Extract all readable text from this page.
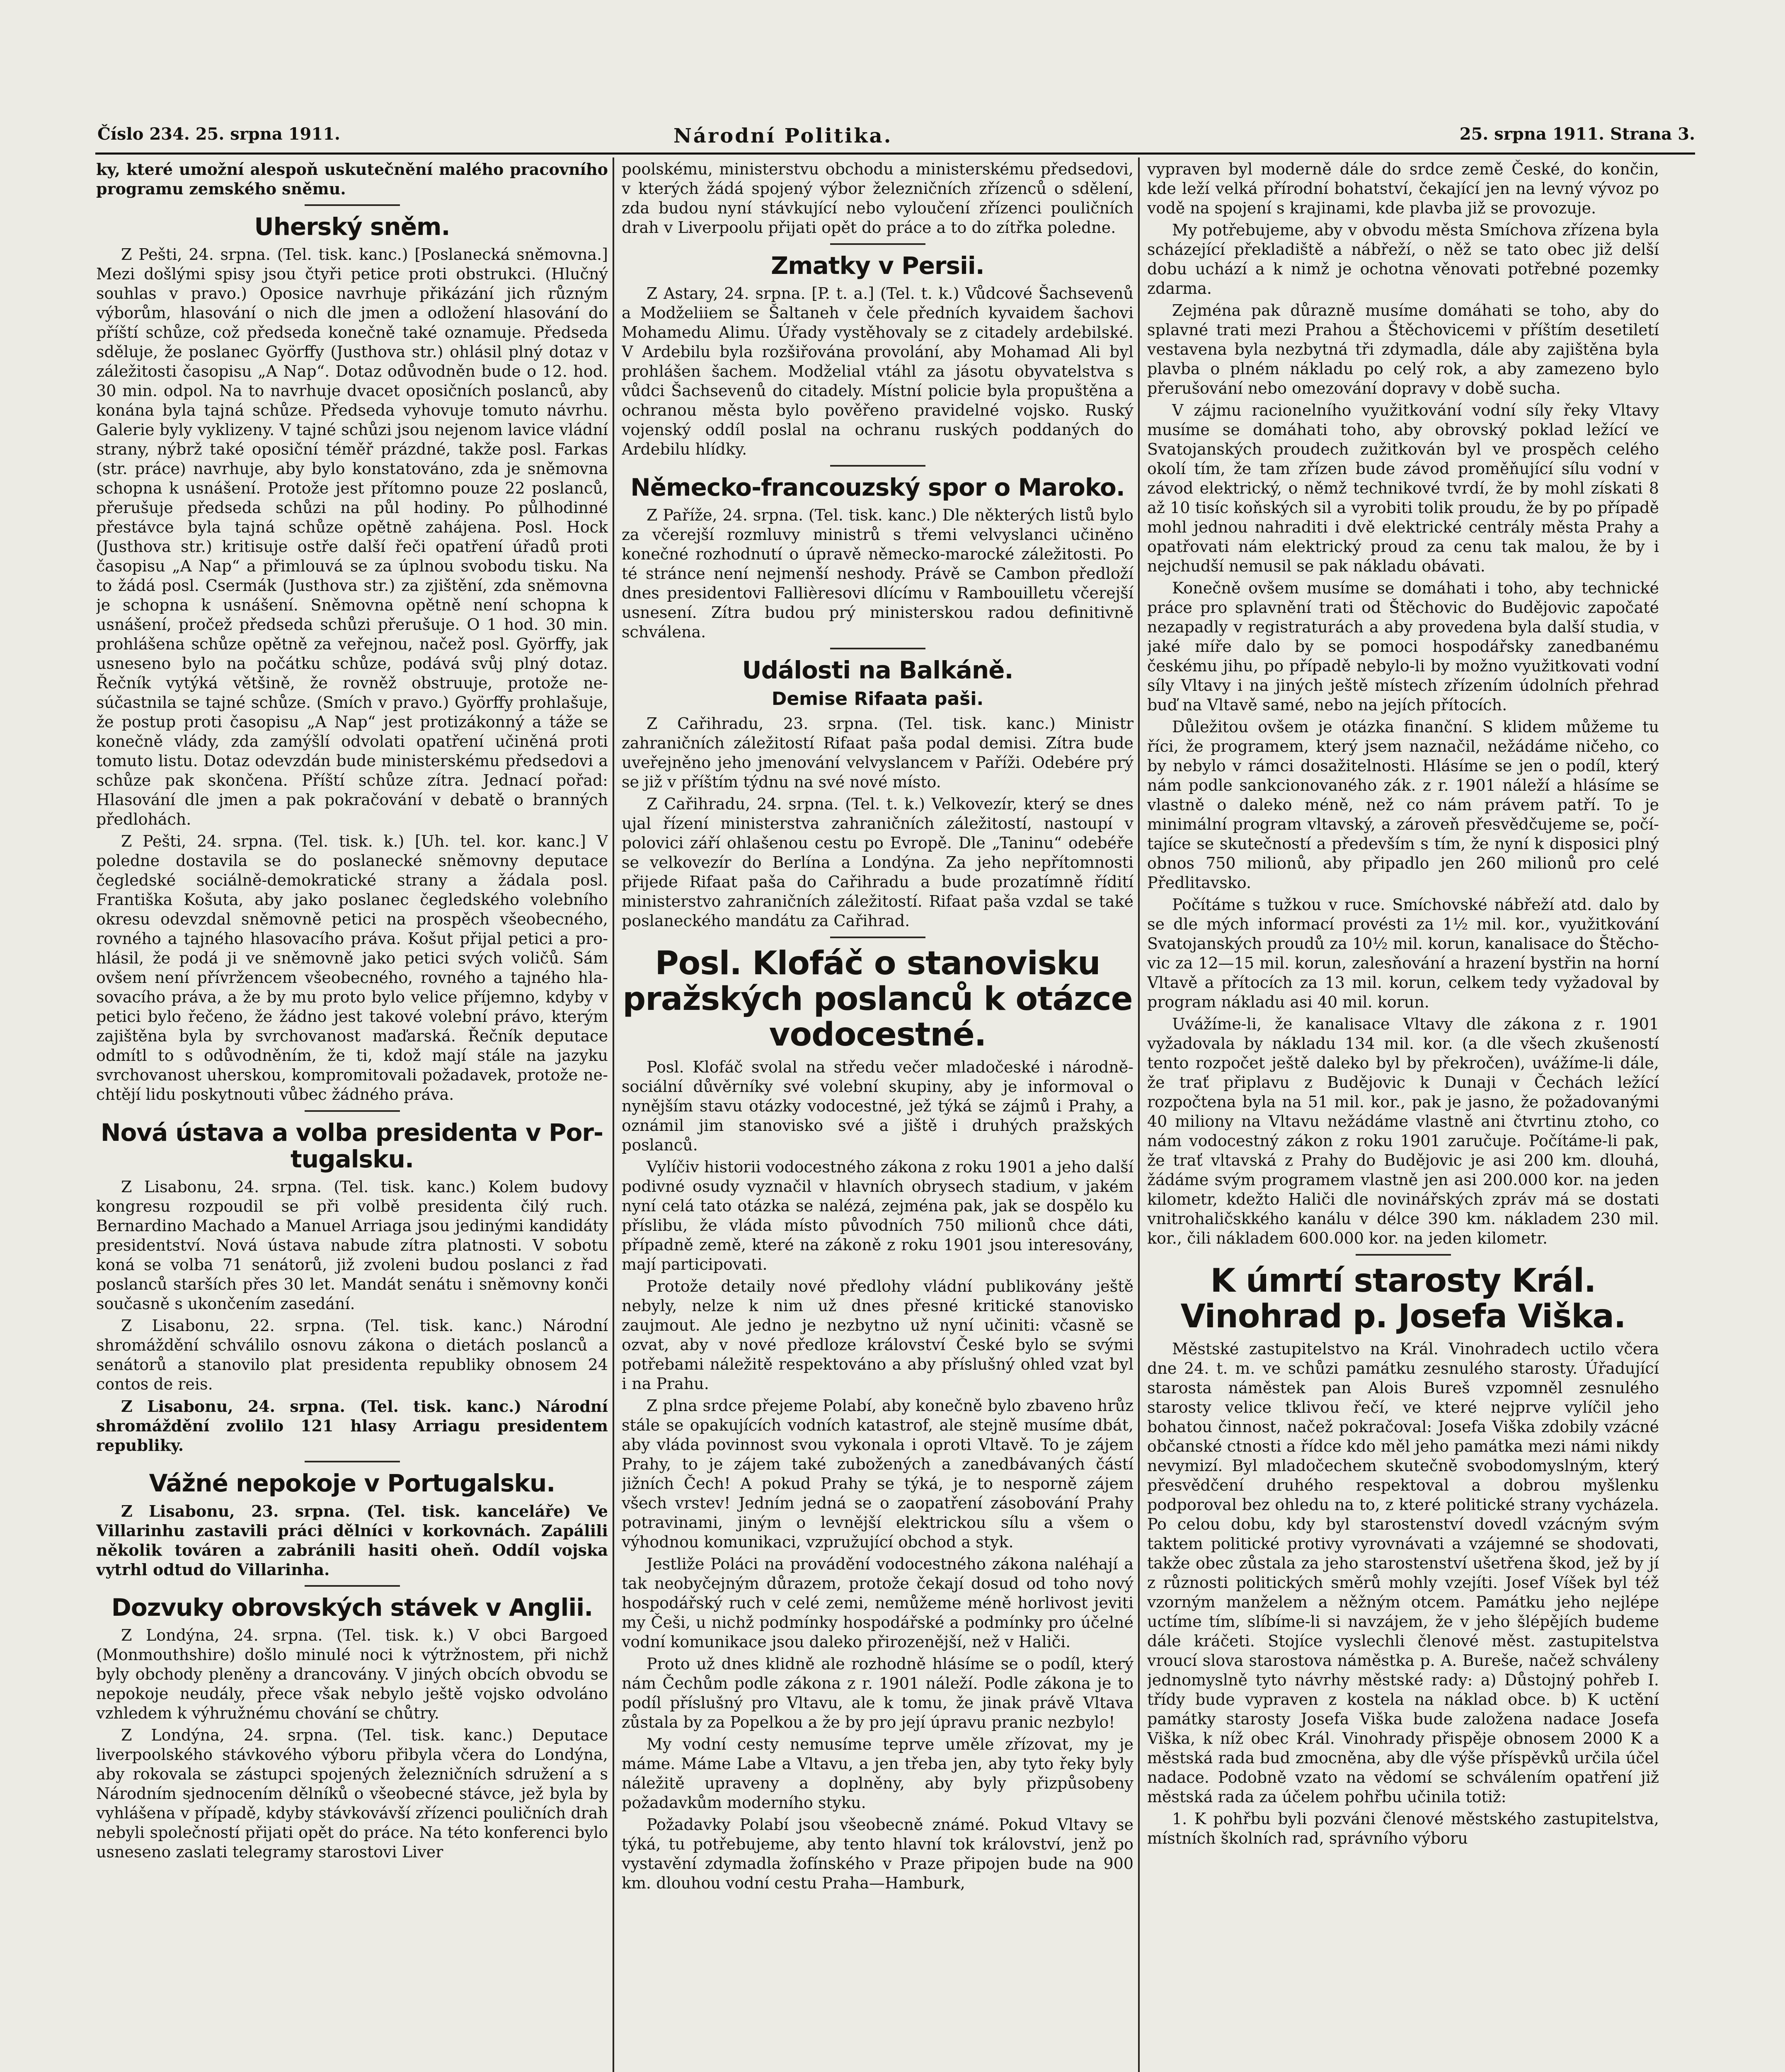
Číslo 234. 25. srpna 1911.	Národní Politika.	25. srpna 1911. Strana 3.

ky, které umožní alespoň uskutečnění malého pracovního programu zemského sněmu.

Uherský sněm.

Z Pešti, 24. srpna. (Tel. tisk. kanc.) [Poslanecká sněmovna.] Mezi došlými spisy jsou čtyři petice proti obstrukci. (Hlučný souhlas v pravo.) Oposice navrhuje přikázání jich různým výborům, hlasování o nich dle jmen a odložení hlasování do příští schůze, což předseda konečně také oznamuje. Předseda sděluje, že poslanec Györffy (Justhova str.) ohlásil plný dotaz v záležitosti časopisu „A Nap“. Dotaz odůvodněn bude o 12. hod. 30 min. odpol. Na to navrhuje dvacet oposičních poslanců, aby konána byla tajná schůze. Předseda vyhovuje tomuto návrhu. Galerie byly vyklizeny. V tajné schůzi jsou nejenom lavice vládní strany, nýbrž také oposiční téměř prázdné, takže posl. Farkas (str. práce) navrhuje, aby bylo konstatováno, zda je sněmovna schopna k usnášení. Protože jest přítomno pouze 22 poslanců, přerušuje předseda schůzi na půl hodiny. Po půlhodinné přestávce byla tajná schůze opětně zahájena. Posl. Hock (Justhova str.) kritisuje ostře další řeči opatření úřadů proti časopisu „A Nap“ a přimlouvá se za úplnou svobodu tisku. Na to žádá posl. Csermák (Justhova str.) za zjištění, zda sněmovna je schopna k usnášení. Sněmovna opětně není schopna k usnášení, pročež předseda schůzi přerušuje. O 1 hod. 30 min. prohlášena schůze opětně za veřejnou, načež posl. Györffy, jak usneseno bylo na počátku schůze, podává svůj plný dotaz. Řečník vytýká většině, že rovněž obstruuje, protože nesúčastnila se tajné schůze. (Smích v pravo.) Györffy prohlašuje, že postup proti časopisu „A Nap“ jest protizákonný a táže se konečně vlády, zda zamýšlí odvolati opatření učiněná proti tomuto listu. Dotaz odevzdán bude ministerskému předsedovi a schůze pak skončena. Příští schůze zítra. Jednací pořad: Hlasování dle jmen a pak pokračování v debatě o branných předlohách.

Z Pešti, 24. srpna. (Tel. tisk. k.) [Uh. tel. kor. kanc.] V poledne dostavila se do poslanecké sněmovny deputace čegledské sociálně-demokratické strany a žádala posl. Františka Košuta, aby jako poslanec čegledského volebního okresu odevzdal sněmovně petici na prospěch všeobecného, rovného a tajného hlasovacího práva. Košut přijal petici a prohlásil, že podá ji ve sněmovně jako petici svých voličů. Sám ovšem není přívržencem všeobecného, rovného a tajného hlasovacího práva, a že by mu proto bylo velice příjemno, kdyby v petici bylo řečeno, že žádno jest takové volební právo, kterým zajištěna byla by svrchovanost maďarská. Řečník deputace odmítl to s odůvodněním, že ti, kdož mají stále na jazyku svrchovanost uherskou, kompromitovali požadavek, protože nechtějí lidu poskytnouti vůbec žádného práva.

Nová ústava a volba presidenta v Portugalsku.

Z Lisabonu, 24. srpna. (Tel. tisk. kanc.) Kolem budovy kongresu rozpoudil se při volbě presidenta čilý ruch. Bernardino Machado a Manuel Arriaga jsou jedinými kandidáty presidentství. Nová ústava nabude zítra platnosti. V sobotu koná se volba 71 senátorů, již zvoleni budou poslanci z řad poslanců starších přes 30 let. Mandát senátu i sněmovny konči současně s ukončením zasedání.

Z Lisabonu, 22. srpna. (Tel. tisk. kanc.) Národní shromáždění schválilo osnovu zákona o dietách poslanců a senátorů a stanovilo plat presidenta republiky obnosem 24 contos de reis.

Z Lisabonu, 24. srpna. (Tel. tisk. kanc.) Národní shromáždění zvolilo 121 hlasy Arriagu presidentem republiky.

Vážné nepokoje v Portugalsku.

Z Lisabonu, 23. srpna. (Tel. tisk. kanceláře) Ve Villarinhu zastavili práci dělníci v korkovnách. Zapálili několik továren a zabránili hasiti oheň. Oddíl vojska vytrhl odtud do Villarinha.

Dozvuky obrovských stávek v Anglii.

Z Londýna, 24. srpna. (Tel. tisk. k.) V obci Bargoed (Monmouthshire) došlo minulé noci k výtržnostem, při nichž byly obchody pleněny a drancovány. V jiných obcích obvodu se nepokoje neudály, přece však nebylo ještě vojsko odvoláno vzhledem k výhružnému chování se chůtry.

Z Londýna, 24. srpna. (Tel. tisk. kanc.) Deputace liverpoolského stávkového výboru přibyla včera do Londýna, aby rokovala se zástupci spojených železničních sdružení a s Národním sjednocením dělníků o všeobecné stávce, jež byla by vyhlášena v případě, kdyby stávkovávší zřízenci pouličních drah nebyli společností přijati opět do práce. Na této konferenci bylo usneseno zaslati telegramy starostovi Liver

poolskému, ministerstvu obchodu a ministerskému předsedovi, v kterých žádá spojený výbor železničních zřízenců o sdělení, zda budou nyní stávkující nebo vyloučení zřízenci pouličních drah v Liverpoolu přijati opět do práce a to do zítřka poledne.

Zmatky v Persii.

Z Astary, 24. srpna. [P. t. a.] (Tel. t. k.) Vůdcové Šachsevenů a Modželiiem se Šaltaneh v čele předních kyvaidem šachovi Mohamedu Alimu. Úřady vystěhovaly se z citadely ardebilské. V Ardebilu byla rozšiřována provolání, aby Mohamad Ali byl prohlášen šachem. Modželial vtáhl za jásotu obyvatelstva s vůdci Šachsevenů do citadely. Místní policie byla propuštěna a ochranou města bylo pověřeno pravidelné vojsko. Ruský vojenský oddíl poslal na ochranu ruských poddaných do Ardebilu hlídky.

Německo-francouzský spor o Maroko.

Z Paříže, 24. srpna. (Tel. tisk. kanc.) Dle některých listů bylo za včerejší rozmluvy ministrů s třemi velvyslanci učiněno konečné rozhodnutí o úpravě německo-marocké záležitosti. Po té stránce není nejmenší neshody. Právě se Cambon předloží dnes presidentovi Fallièresovi dlícímu v Rambouilletu včerejší usnesení. Zítra budou prý ministerskou radou definitivně schválena.

Události na Balkáně.
Demise Rifaata paši.

Z Cařihradu, 23. srpna. (Tel. tisk. kanc.) Ministr zahraničních záležitostí Rifaat paša podal demisi. Zítra bude uveřejněno jeho jmenování velvyslancem v Paříži. Odebére prý se již v příštím týdnu na své nové místo.

Z Cařihradu, 24. srpna. (Tel. t. k.) Velkovezír, který se dnes ujal řízení ministerstva zahraničních záležitostí, nastoupí v polovici září ohlašenou cestu po Evropě. Dle „Taninu“ odebéře se velkovezír do Berlína a Londýna. Za jeho nepřítomnosti přijede Rifaat paša do Cařihradu a bude prozatímně řídití ministerstvo zahraničních záležitostí. Rifaat paša vzdal se také poslaneckého mandátu za Cařihrad.

Posl. Klofáč o stanovisku pražských poslanců k otázce vodocestné.

Posl. Klofáč svolal na středu večer mladočeské i národně-sociální důvěrníky své volební skupiny, aby je informoval o nynějším stavu otázky vodocestné, jež týká se zájmů i Prahy, a oznámil jim stanovisko své a jiště i druhých pražských poslanců.

Vylíčiv historii vodocestného zákona z roku 1901 a jeho další podivné osudy vyznačil v hlavních obrysech stadium, v jakém nyní celá tato otázka se nalézá, zejména pak, jak se dospělo ku příslibu, že vláda místo původních 750 milionů chce dáti, případně země, které na zákoně z roku 1901 jsou interesovány, mají participovati.

Protože detaily nové předlohy vládní publikovány ještě nebyly, nelze k nim už dnes přesné kritické stanovisko zaujmout. Ale jedno je nezbytno už nyní učiniti: včasně se ozvat, aby v nové předloze království České bylo se svými potřebami náležitě respektováno a aby příslušný ohled vzat byl i na Prahu.

Z plna srdce přejeme Polabí, aby konečně bylo zbaveno hrůz stále se opakujících vodních katastrof, ale stejně musíme dbát, aby vláda povinnost svou vykonala i oproti Vltavě. To je zájem Prahy, to je zájem také zubožených a zanedbávaných částí jižních Čech! A pokud Prahy se týká, je to nesporně zájem všech vrstev! Jedním jedná se o zaopatření zásobování Prahy potravinami, jiným o levnější elektrickou sílu a všem o výhodnou komunikaci, vzpružující obchod a styk.

Jestliže Poláci na provádění vodocestného zákona naléhají a tak neobyčejným důrazem, protože čekají dosud od toho nový hospodářský ruch v celé zemi, nemůžeme méně horlivost jeviti my Češi, u nichž podmínky hospodářské a podmínky pro účelné vodní komunikace jsou daleko přirozenější, než v Haliči.

Proto už dnes klidně ale rozhodně hlásíme se o podíl, který nám Čechům podle zákona z r. 1901 náleží. Podle zákona je to podíl příslušný pro Vltavu, ale k tomu, že jinak právě Vltava zůstala by za Popelkou a že by pro její úpravu pranic nezbylo!

My vodní cesty nemusíme teprve uměle zřízovat, my je máme. Máme Labe a Vltavu, a jen třeba jen, aby tyto řeky byly náležitě upraveny a doplněny, aby byly přizpůsobeny požadavkům moderního styku.

Požadavky Polabí jsou všeobecně známé. Pokud Vltavy se týká, tu potřebujeme, aby tento hlavní tok království, jenž po vystavění zdymadla žofínského v Praze připojen bude na 900 km. dlouhou vodní cestu Praha—Hamburk,

vypraven byl moderně dále do srdce země České, do končin, kde leží velká přírodní bohatství, čekající jen na levný vývoz po vodě na spojení s krajinami, kde plavba již se provozuje.

My potřebujeme, aby v obvodu města Smíchova zřízena byla scházející překladiště a nábřeží, o něž se tato obec již delší dobu uchází a k nimž je ochotna věnovati potřebné pozemky zdarma.

Zejména pak důrazně musíme domáhati se toho, aby do splavné trati mezi Prahou a Štěchovicemi v příštím desetiletí vestavena byla nezbytná tři zdymadla, dále aby zajištěna byla plavba o plném nákladu po celý rok, a aby zamezeno bylo přerušování nebo omezování dopravy v době sucha.

V zájmu racionelního využitkování vodní síly řeky Vltavy musíme se domáhati toho, aby obrovský poklad ležící ve Svatojanských proudech zužitkován byl ve prospěch celého okolí tím, že tam zřízen bude závod proměňující sílu vodní v závod elektrický, o němž technikové tvrdí, že by mohl získati 8 až 10 tisíc koňských sil a vyrobiti tolik proudu, že by po případě mohl jednou nahraditi i dvě elektrické centrály města Prahy a opatřovati nám elektrický proud za cenu tak malou, že by i nejchudší nemusil se pak nákladu obávati.

Konečně ovšem musíme se domáhati i toho, aby technické práce pro splavnění trati od Štěchovic do Budějovic započaté nezapadly v registraturách a aby provedena byla další studia, v jaké míře dalo by se pomoci hospodářsky zanedbanému českému jihu, po případě nebylo-li by možno využitkovati vodní síly Vltavy i na jiných ještě místech zřízením údolních přehrad buď na Vltavě samé, nebo na jejích přítocích.

Důležitou ovšem je otázka finanční. S klidem můžeme tu říci, že programem, který jsem naznačil, nežádáme ničeho, co by nebylo v rámci dosažitelnosti. Hlásíme se jen o podíl, který nám podle sankcionovaného zák. z r. 1901 náleží a hlásíme se vlastně o daleko méně, než co nám právem patří. To je minimální program vltavský, a zároveň přesvědčujeme se, počítajíce se skutečností a především s tím, že nyní k disposici plný obnos 750 milionů, aby připadlo jen 260 milionů pro celé Předlitavsko.

Počítáme s tužkou v ruce. Smíchovské nábřeží atd. dalo by se dle mých informací provésti za 1½ mil. kor., využitkování Svatojanských proudů za 10½ mil. korun, kanalisace do Štěchovic za 12—15 mil. korun, zalesňování a hrazení bystřin na horní Vltavě a přítocích za 13 mil. korun, celkem tedy vyžadoval by program nákladu asi 40 mil. korun.

Uvážíme-li, že kanalisace Vltavy dle zákona z r. 1901 vyžadovala by nákladu 134 mil. kor. (a dle všech zkušeností tento rozpočet ještě daleko byl by překročen), uvážíme-li dále, že trať připlavu z Budějovic k Dunaji v Čechách ležící rozpočtena byla na 51 mil. kor., pak je jasno, že požadovanými 40 miliony na Vltavu nežádáme vlastně ani čtvrtinu ztoho, co nám vodocestný zákon z roku 1901 zaručuje. Počítáme-li pak, že trať vltavská z Prahy do Budějovic je asi 200 km. dlouhá, žádáme svým programem vlastně jen asi 200.000 kor. na jeden kilometr, kdežto Haliči dle novinářských zpráv má se dostati vnitrohaličskkého kanálu v délce 390 km. nákladem 230 mil. kor., čili nákladem 600.000 kor. na jeden kilometr.

K úmrtí starosty Král. Vinohrad p. Josefa Viška.

Městské zastupitelstvo na Král. Vinohradech uctilo včera dne 24. t. m. ve schůzi památku zesnulého starosty. Úřadující starosta náměstek pan Alois Bureš vzpomněl zesnulého starosty velice tklivou řečí, ve které nejprve vylíčil jeho bohatou činnost, načež pokračoval: Josefa Viška zdobily vzácné občanské ctnosti a řídce kdo měl jeho památka mezi námi nikdy nevymizí. Byl mladočechem skutečně svobodomyslným, který přesvědčení druhého respektoval a dobrou myšlenku podporoval bez ohledu na to, z které politické strany vycházela. Po celou dobu, kdy byl starostenství dovedl vzácným svým taktem politické protivy vyrovnávati a vzájemné se shodovati, takže obec zůstala za jeho starostenství ušetřena škod, jež by jí z různosti politických směrů mohly vzejíti. Josef Víšek byl též vzorným manželem a něžným otcem. Památku jeho nejlépe uctíme tím, slíbíme-li si navzájem, že v jeho šlépějích budeme dále kráčeti. Stojíce vyslechli členové měst. zastupitelstva vroucí slova starostova náměstka p. A. Bureše, načež schváleny jednomyslně tyto návrhy městské rady: a) Důstojný pohřeb I. třídy bude vypraven z kostela na náklad obce. b) K uctění památky starosty Josefa Viška bude založena nadace Josefa Viška, k níž obec Král. Vinohrady přispěje obnosem 2000 K a městská rada bud zmocněna, aby dle výše příspěvků určila účel nadace. Podobně vzato na vědomí se schválením opatření již městská rada za účelem pohřbu učinila totiž:

1. K pohřbu byli pozváni členové městského zastupitelstva, místních školních rad, správního výboru
